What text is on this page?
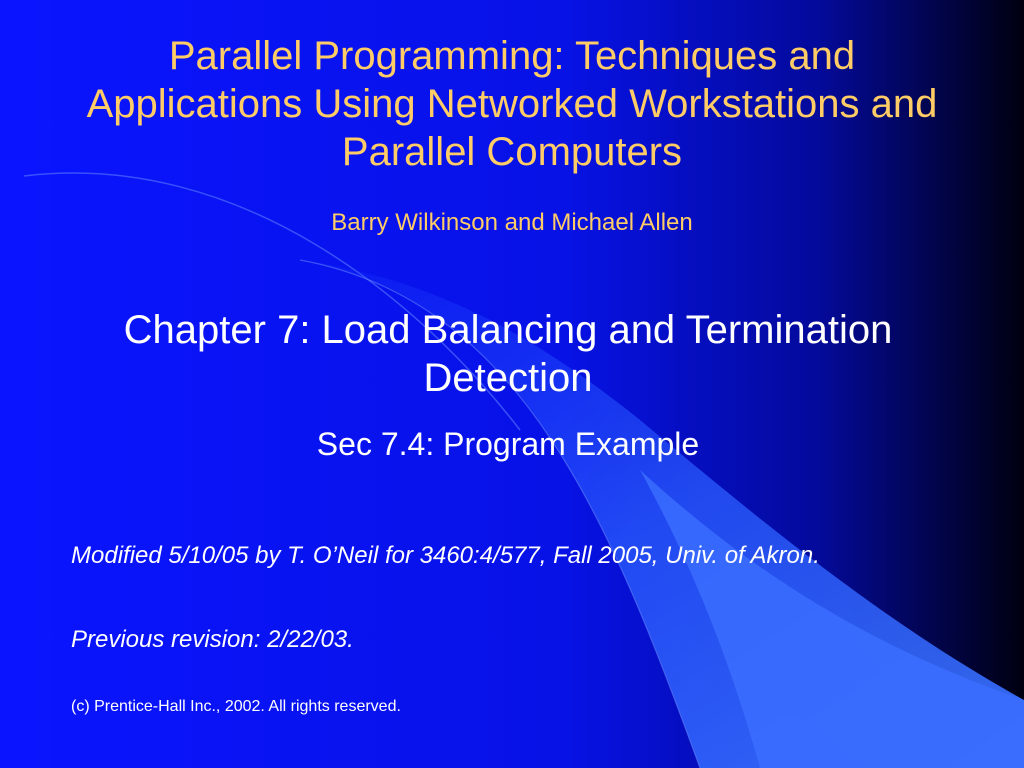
Parallel Programming: Techniques and Applications Using Networked Workstations and Parallel Computers
Barry Wilkinson and Michael Allen
Chapter 7: Load Balancing and Termination Detection
Sec 7.4: Program Example
Modified 5/10/05 by T. O’Neil for 3460:4/577, Fall 2005, Univ. of Akron.
Previous revision: 2/22/03.
(c) Prentice-Hall Inc., 2002. All rights reserved.
